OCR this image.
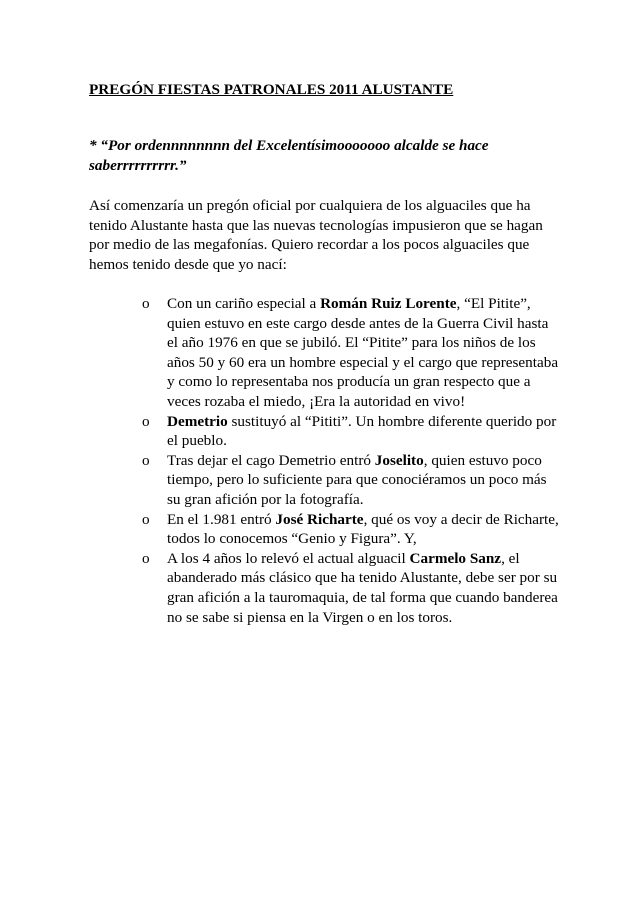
PREGÓN FIESTAS PATRONALES 2011 ALUSTANTE

* “Por ordennnnnnnn del Excelentísimooooooo alcalde se hace saberrrrrrrrrr.”

Así comenzaría un pregón oficial por cualquiera de los alguaciles que ha tenido Alustante hasta que las nuevas tecnologías impusieron que se hagan por medio de las megafonías. Quiero recordar a los pocos alguaciles que hemos tenido desde que yo nací:

o Con un cariño especial a Román Ruiz Lorente, “El Pitite”, quien estuvo en este cargo desde antes de la Guerra Civil hasta el año 1976 en que se jubiló. El “Pitite” para los niños de los años 50 y 60 era un hombre especial y el cargo que representaba y como lo representaba nos producía un gran respecto que a veces rozaba el miedo, ¡Era la autoridad en vivo!
o Demetrio sustituyó al “Pititi”. Un hombre diferente querido por el pueblo.
o Tras dejar el cago Demetrio entró Joselito, quien estuvo poco tiempo, pero lo suficiente para que conociéramos un poco más su gran afición por la fotografía.
o En el 1.981 entró José Richarte, qué os voy a decir de Richarte, todos lo conocemos “Genio y Figura”. Y,
o A los 4 años lo relevó el actual alguacil Carmelo Sanz, el abanderado más clásico que ha tenido Alustante, debe ser por su gran afición a la tauromaquia, de tal forma que cuando banderea no se sabe si piensa en la Virgen o en los toros.
